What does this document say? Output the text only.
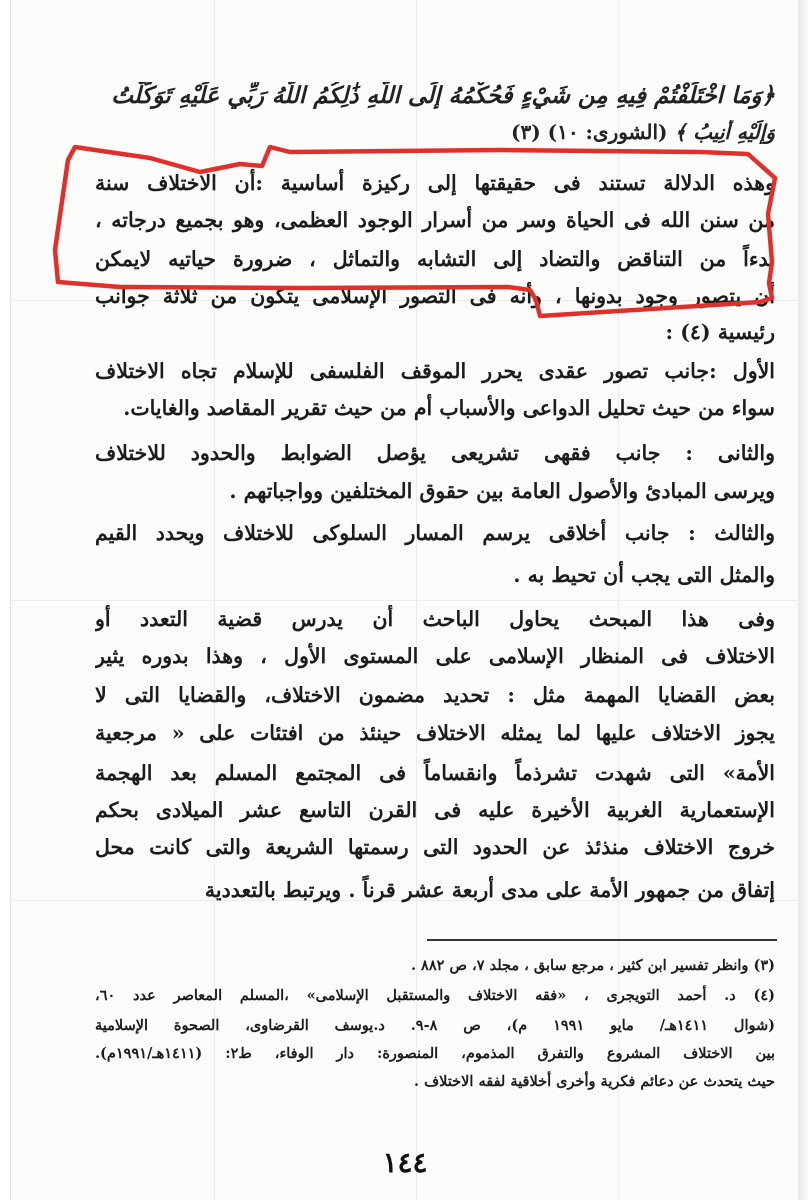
﴿وَمَا اخْتَلَفْتُمْ فِيهِ مِن شَيْءٍ فَحُكْمُهُ إِلَى اللَّهِ ذَٰلِكُمُ اللَّهُ رَبِّي عَلَيْهِ تَوَكَّلْتُ
وَإِلَيْهِ أُنِيبُ ﴾ (الشورى: ١٠) (٣)
وهذه الدلالة تستند فى حقيقتها إلى ركيزة أساسية :أن الاختلاف سنة
من سنن الله فى الحياة وسر من أسرار الوجود العظمى، وهو بجميع درجاته ،
بدءاً من التناقض والتضاد إلى التشابه والتماثل ، ضرورة حياتيه لايمكن
أن يتصور وجود بدونها ، وأنه فى التصور الإسلامى يتكون من ثلاثة جوانب
رئيسية (٤) :
الأول :جانب تصور عقدى يحرر الموقف الفلسفى للإسلام تجاه الاختلاف
سواء من حيث تحليل الدواعى والأسباب أم من حيث تقرير المقاصد والغايات.
والثانى : جانب فقهى تشريعى يؤصل الضوابط والحدود للاختلاف
ويرسى المبادئ والأصول العامة بين حقوق المختلفين وواجباتهم .
والثالث : جانب أخلاقى يرسم المسار السلوكى للاختلاف ويحدد القيم
والمثل التى يجب أن تحيط به .
وفى هذا المبحث يحاول الباحث أن يدرس قضية التعدد أو
الاختلاف فى المنظار الإسلامى على المستوى الأول ، وهذا بدوره يثير
بعض القضايا المهمة مثل : تحديد مضمون الاختلاف، والقضايا التى لا
يجوز الاختلاف عليها لما يمثله الاختلاف حينئذ من افتئات على « مرجعية
الأمة» التى شهدت تشرذماً وانقساماً فى المجتمع المسلم بعد الهجمة
الإستعمارية الغربية الأخيرة عليه فى القرن التاسع عشر الميلادى بحكم
خروج الاختلاف منذئذ عن الحدود التى رسمتها الشريعة والتى كانت محل
إتفاق من جمهور الأمة على مدى أربعة عشر قرناً . ويرتبط بالتعددية
(٣) وانظر تفسير ابن كثير ، مرجع سابق ، مجلد ٧، ص ٨٨٢ .
(٤) د. أحمد التويجرى ، «فقه الاختلاف والمستقبل الإسلامى» ،المسلم المعاصر عدد ٦٠،
(شوال ١٤١١هـ/ مايو ١٩٩١ م)، ص ٨-٩. د.يوسف القرضاوى، الصحوة الإسلامية
بين الاختلاف المشروع والتفرق المذموم، المنصورة: دار الوفاء، ط٢: (١٤١١هـ/١٩٩١م).
حيث يتحدث عن دعائم فكرية وأخرى أخلاقية لفقه الاختلاف .
١٤٤
